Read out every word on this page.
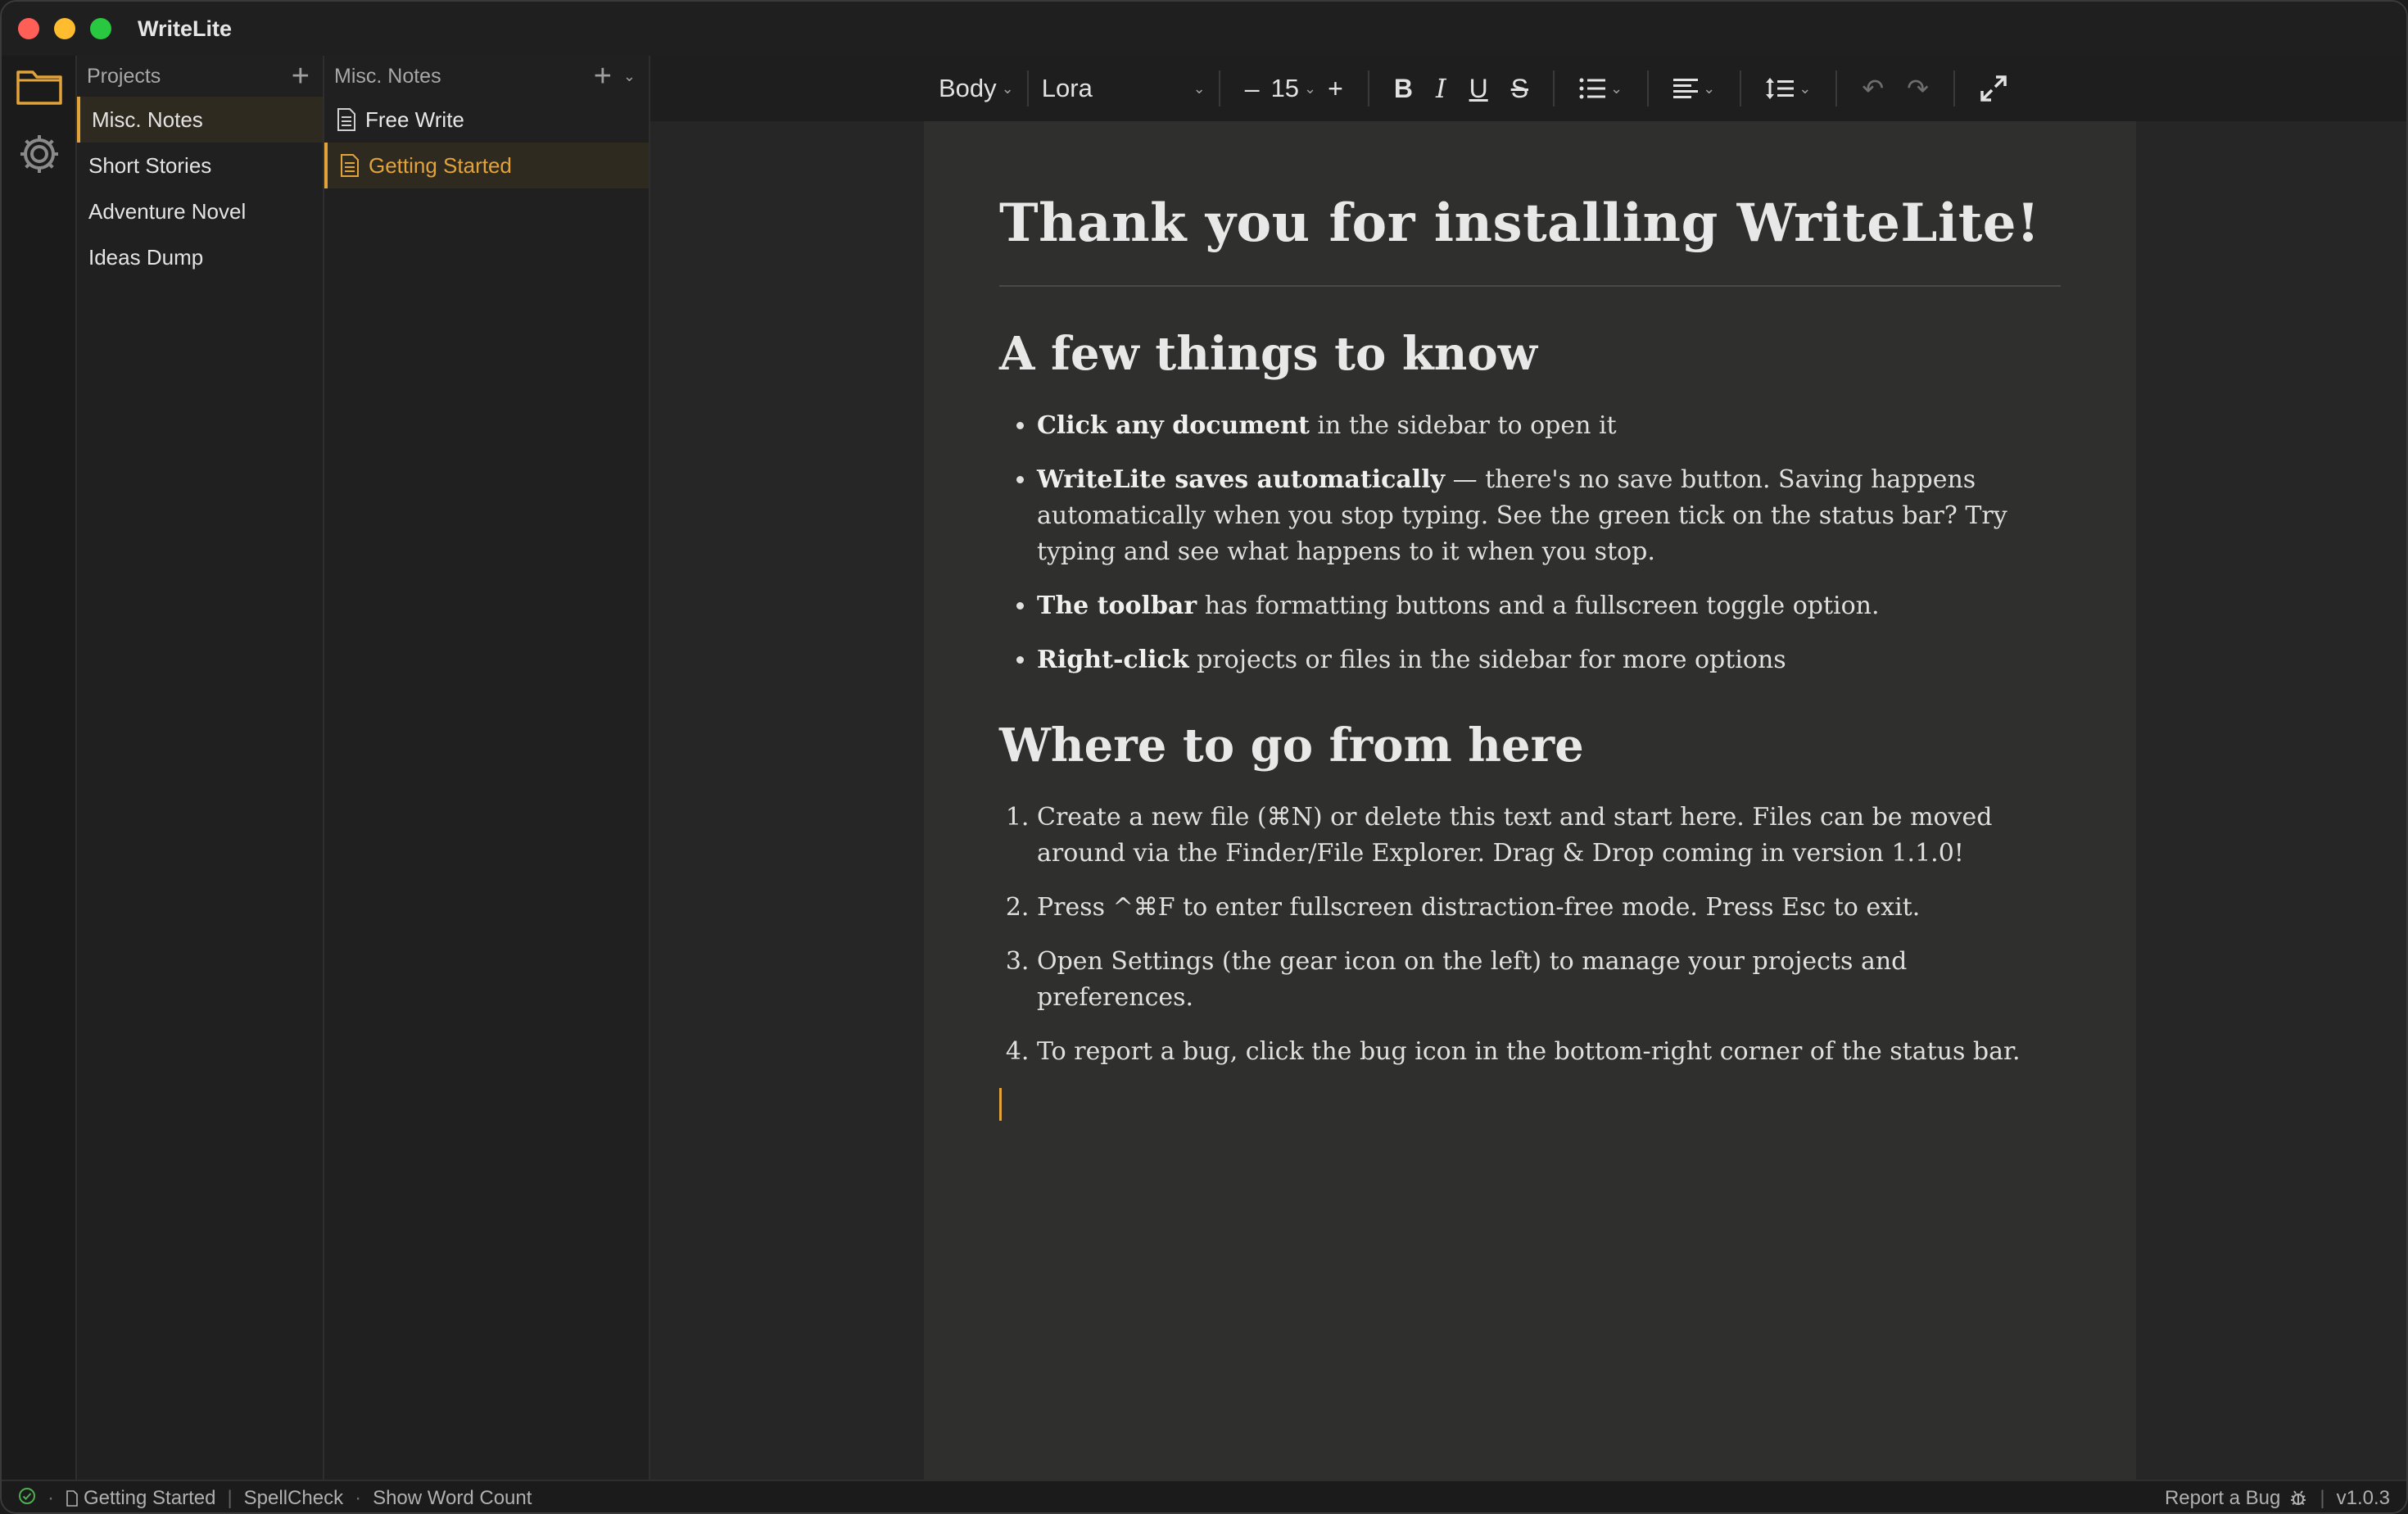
WriteLite
Projects	+
Misc. Notes
Short Stories
Adventure Novel
Ideas Dump
Misc. Notes	+ ⌄
Free Write
Getting Started
Body ⌄ Lora	⌄	– 15 ⌄ +	B I U S	⌄	⌄	⌄	↶ ↷
Thank you for installing WriteLite!
A few things to know
• Click any document in the sidebar to open it
• WriteLite saves automatically — there's no save button. Saving happens automatically when you stop typing. See the green tick on the status bar? Try typing and see what happens to it when you stop.
• The toolbar has formatting buttons and a fullscreen toggle option.
• Right-click projects or files in the sidebar for more options
Where to go from here
1. Create a new file (⌘N) or delete this text and start here. Files can be moved around via the Finder/File Explorer. Drag & Drop coming in version 1.1.0!
2. Press ^⌘F to enter fullscreen distraction-free mode. Press Esc to exit.
3. Open Settings (the gear icon on the left) to manage your projects and preferences.
4. To report a bug, click the bug icon in the bottom-right corner of the status bar.
· Getting Started | SpellCheck · Show Word Count	Report a Bug | v1.0.3
